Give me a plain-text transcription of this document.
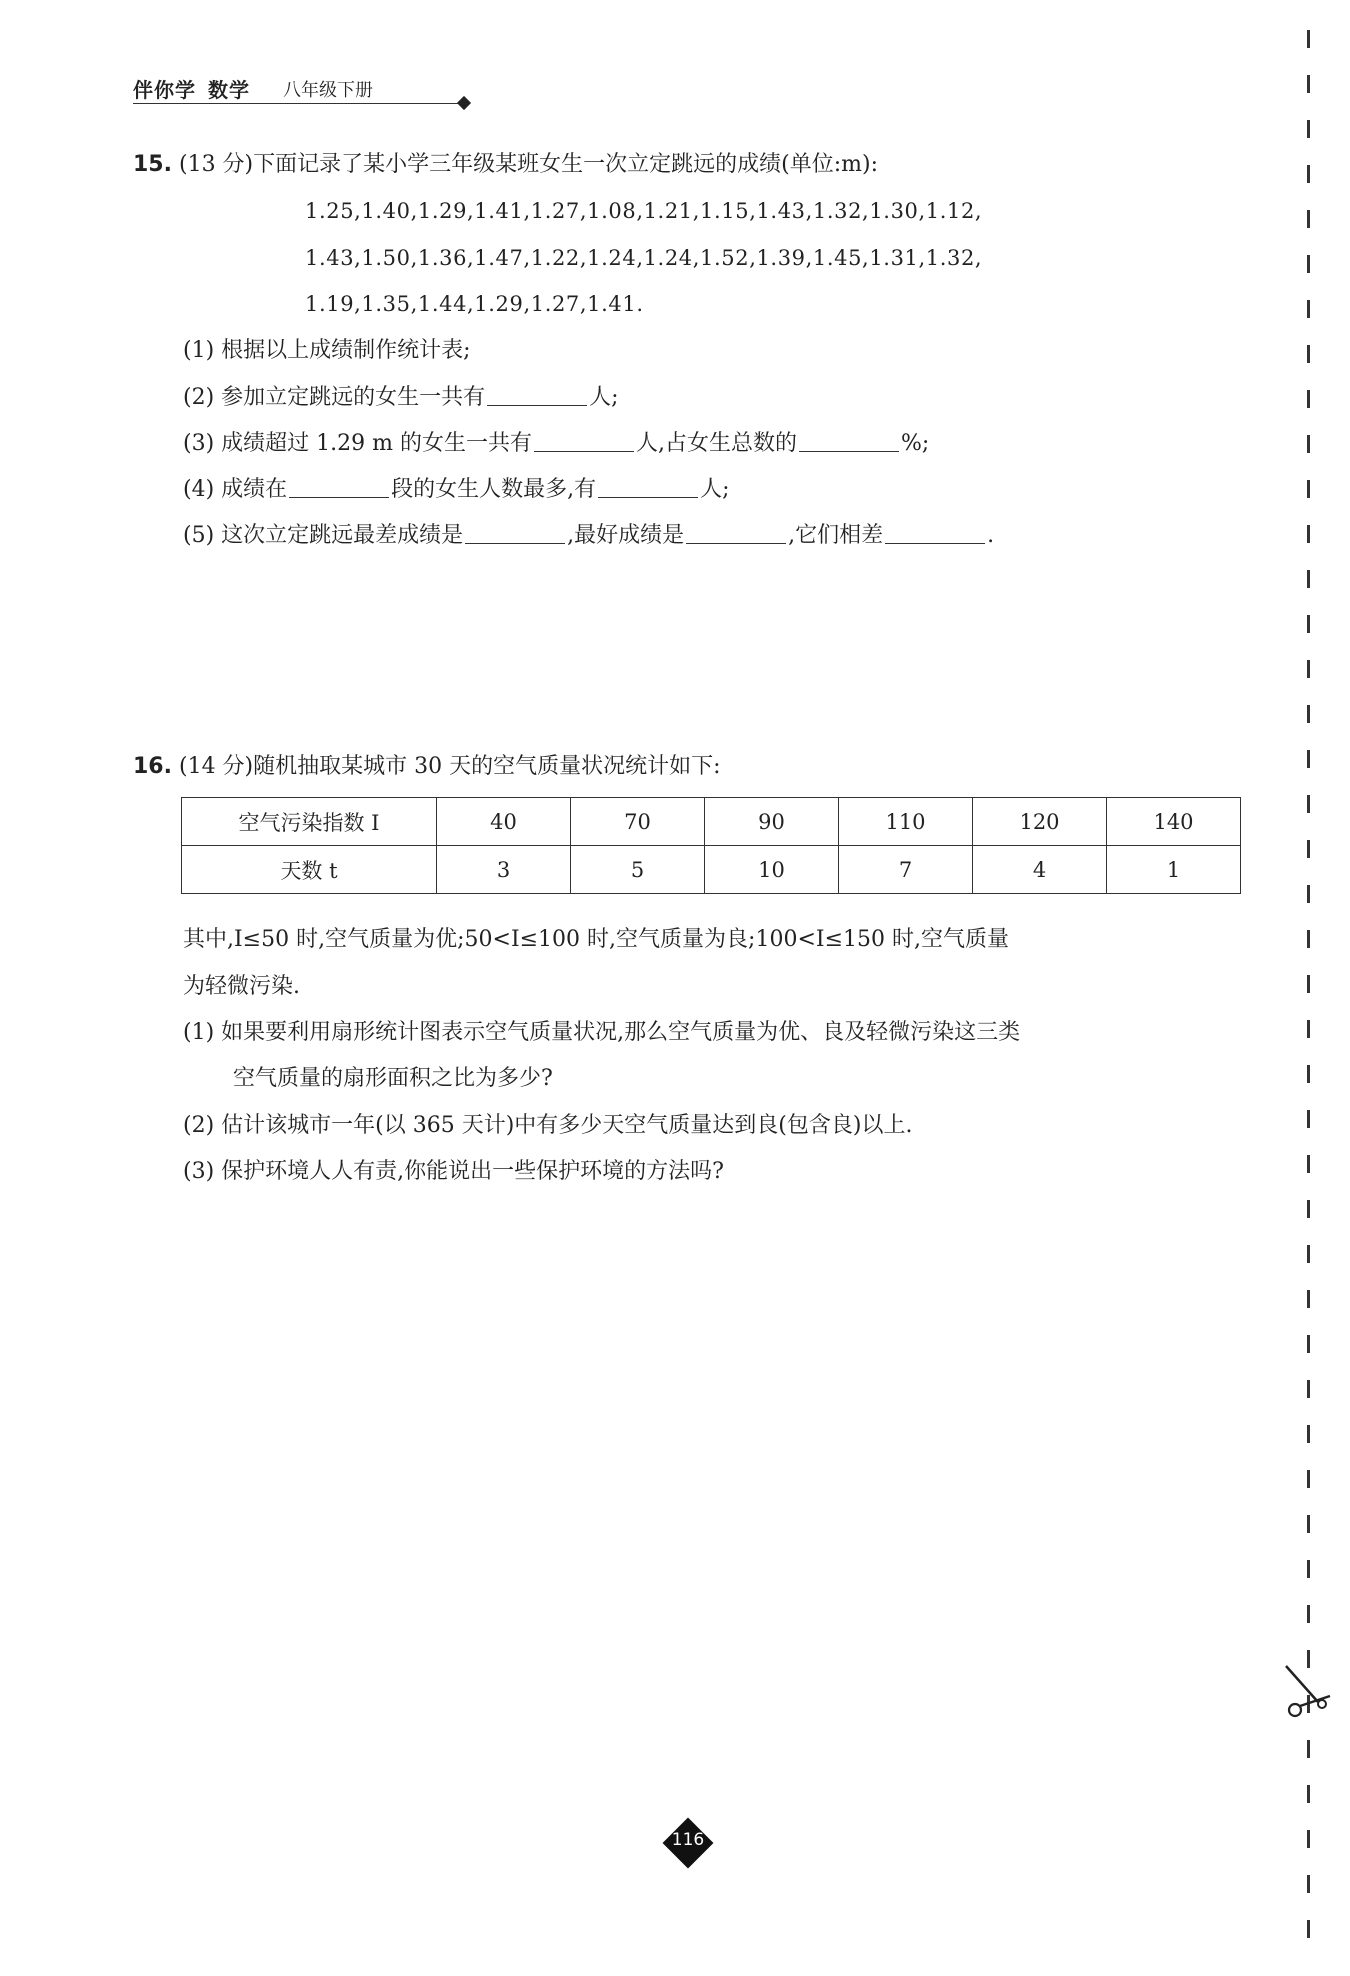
伴你学 数学 八年级下册
15. (13 分)下面记录了某小学三年级某班女生一次立定跳远的成绩(单位:m):
1.25,1.40,1.29,1.41,1.27,1.08,1.21,1.15,1.43,1.32,1.30,1.12,
1.43,1.50,1.36,1.47,1.22,1.24,1.24,1.52,1.39,1.45,1.31,1.32,
1.19,1.35,1.44,1.29,1.27,1.41.
(1) 根据以上成绩制作统计表;
(2) 参加立定跳远的女生一共有	人;
(3) 成绩超过 1.29 m 的女生一共有	人,占女生总数的	%;
(4) 成绩在	段的女生人数最多,有	人;
(5) 这次立定跳远最差成绩是	,最好成绩是	,它们相差	.
16. (14 分)随机抽取某城市 30 天的空气质量状况统计如下:
空气污染指数 I	40	70	90	110	120	140
天数 t	3	5	10	7	4	1
其中,I≤50 时,空气质量为优;50<I≤100 时,空气质量为良;100<I≤150 时,空气质量
为轻微污染.
(1) 如果要利用扇形统计图表示空气质量状况,那么空气质量为优、良及轻微污染这三类
空气质量的扇形面积之比为多少?
(2) 估计该城市一年(以 365 天计)中有多少天空气质量达到良(包含良)以上.
(3) 保护环境人人有责,你能说出一些保护环境的方法吗?
116
